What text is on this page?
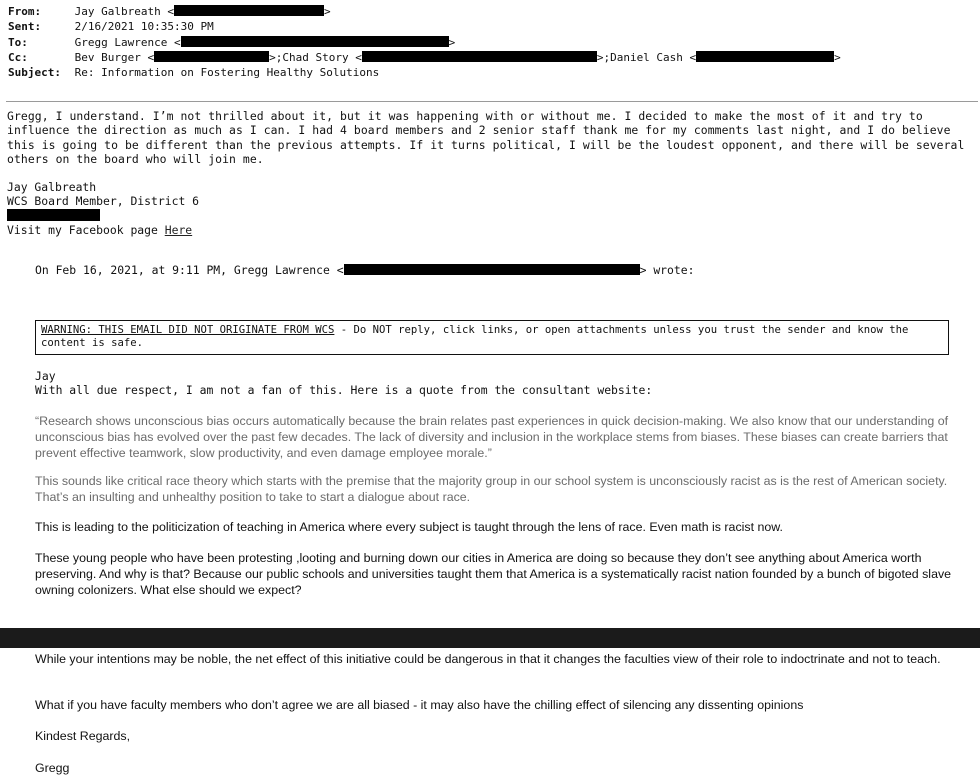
From:	Jay Galbreath <	>
Sent:	2/16/2021 10:35:30 PM
To:	Gregg Lawrence <	>
Cc:	Bev Burger <	>;Chad Story <	>;Daniel Cash <	>
Subject: Re: Information on Fostering Healthy Solutions
Gregg, I understand. I’m not thrilled about it, but it was happening with or without me. I decided to make the most of it and try to influence the direction as much as I can. I had 4 board members and 2 senior staff thank me for my comments last night, and I do believe this is going to be different than the previous attempts. If it turns political, I will be the loudest opponent, and there will be several others on the board who will join me.
Jay Galbreath
WCS Board Member, District 6
Visit my Facebook page Here
On Feb 16, 2021, at 9:11 PM, Gregg Lawrence <	> wrote:
WARNING: THIS EMAIL DID NOT ORIGINATE FROM WCS - Do NOT reply, click links, or open attachments unless you trust the sender and know the content is safe.
Jay
With all due respect, I am not a fan of this. Here is a quote from the consultant website:
“Research shows unconscious bias occurs automatically because the brain relates past experiences in quick decision-making. We also know that our understanding of unconscious bias has evolved over the past few decades. The lack of diversity and inclusion in the workplace stems from biases. These biases can create barriers that prevent effective teamwork, slow productivity, and even damage employee morale.”
This sounds like critical race theory which starts with the premise that the majority group in our school system is unconsciously racist as is the rest of American society. That’s an insulting and unhealthy position to take to start a dialogue about race.
This is leading to the politicization of teaching in America where every subject is taught through the lens of race. Even math is racist now.
These young people who have been protesting ,looting and burning down our cities in America are doing so because they don’t see anything about America worth preserving. And why is that? Because our public schools and universities taught them that America is a systematically racist nation founded by a bunch of bigoted slave owning colonizers. What else should we expect?
While your intentions may be noble, the net effect of this initiative could be dangerous in that it changes the faculties view of their role to indoctrinate and not to teach.
What if you have faculty members who don’t agree we are all biased - it may also have the chilling effect of silencing any dissenting opinions
Kindest Regards,
Gregg
